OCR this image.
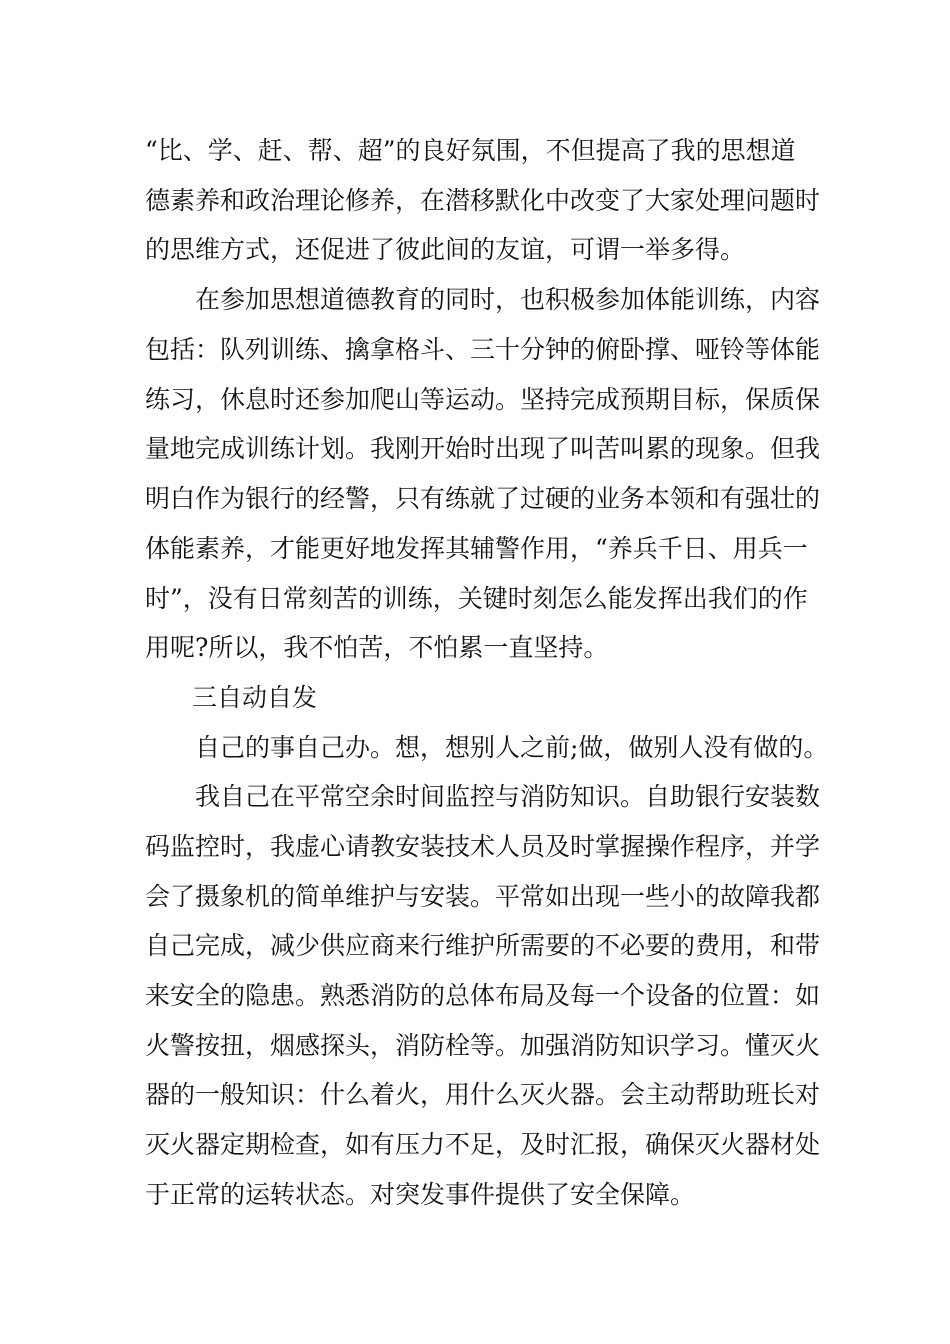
“比、学、赶、帮、超”的良好氛围，不但提高了我的思想道
德素养和政治理论修养，在潜移默化中改变了大家处理问题时
的思维方式，还促进了彼此间的友谊，可谓一举多得。
在参加思想道德教育的同时，也积极参加体能训练，内容
包括：队列训练、擒拿格斗、三十分钟的俯卧撑、哑铃等体能
练习，休息时还参加爬山等运动。坚持完成预期目标，保质保
量地完成训练计划。我刚开始时出现了叫苦叫累的现象。但我
明白作为银行的经警，只有练就了过硬的业务本领和有强壮的
体能素养，才能更好地发挥其辅警作用，“养兵千日、用兵一
时”，没有日常刻苦的训练，关键时刻怎么能发挥出我们的作
用呢?所以，我不怕苦，不怕累一直坚持。
三自动自发
自己的事自己办。想，想别人之前;做，做别人没有做的。
我自己在平常空余时间监控与消防知识。自助银行安装数
码监控时，我虚心请教安装技术人员及时掌握操作程序，并学
会了摄象机的简单维护与安装。平常如出现一些小的故障我都
自己完成，减少供应商来行维护所需要的不必要的费用，和带
来安全的隐患。熟悉消防的总体布局及每一个设备的位置：如
火警按扭，烟感探头，消防栓等。加强消防知识学习。懂灭火
器的一般知识：什么着火，用什么灭火器。会主动帮助班长对
灭火器定期检查，如有压力不足，及时汇报，确保灭火器材处
于正常的运转状态。对突发事件提供了安全保障。
